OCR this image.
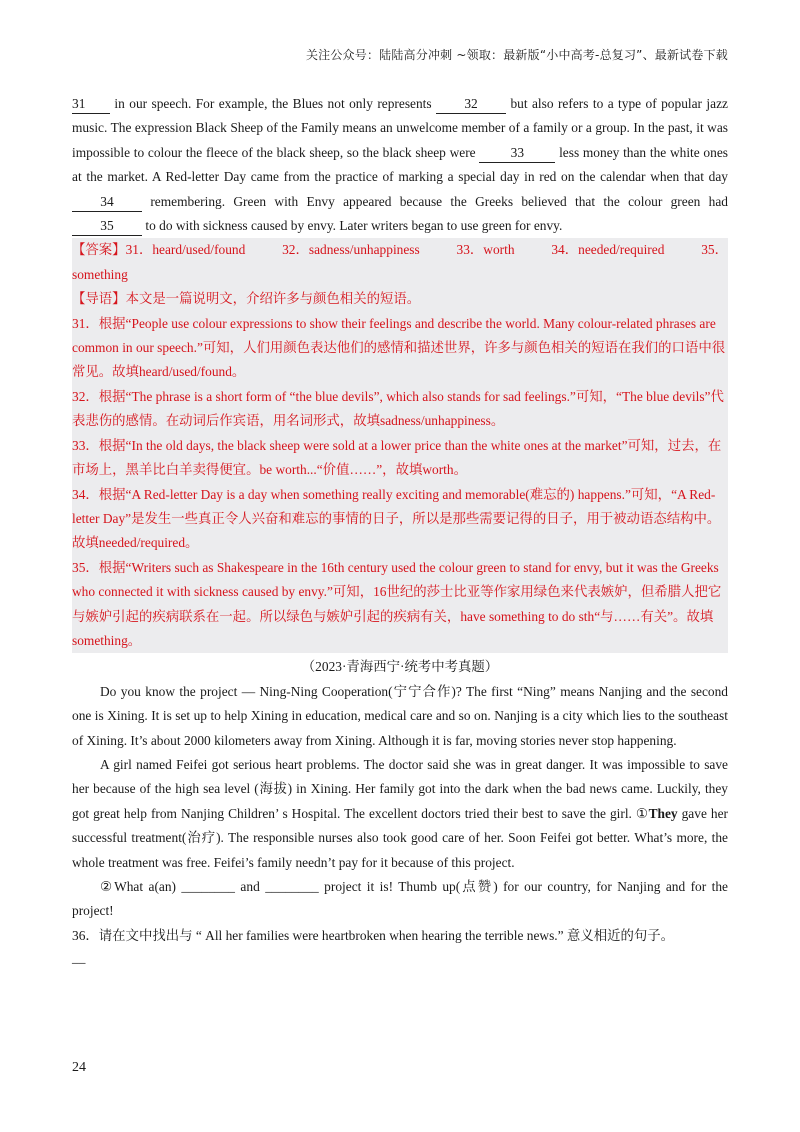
关注公众号：陆陆高分冲刺 ~领取：最新版“小中高考-总复习”、最新试卷下载

31 in our speech. For example, the Blues not only represents 32 but also refers to a type of popular jazz music. The expression Black Sheep of the Family means an unwelcome member of a family or a group. In the past, it was impossible to colour the fleece of the black sheep, so the black sheep were	33	less money than the white ones at the market. A Red-letter Day came from the practice of marking a special day in red on the calendar when that day 34	remembering. Green with Envy appeared because the Greeks believed that the colour green had 35 to do with sickness caused by envy. Later writers began to use green for envy.

【答案】31．heard/used/found	32．sadness/unhappiness	33．worth	34．needed/required	35．

something

【导语】本文是一篇说明文，介绍许多与颜色相关的短语。

31．根据“People use colour expressions to show their feelings and describe the world. Many colour-related phrases are common in our speech.”可知，人们用颜色表达他们的感情和描述世界，许多与颜色相关的短语在我们的口语中很常见。故填heard/used/found。

32．根据“The phrase is a short form of “the blue devils”, which also stands for sad feelings.”可知，“The blue devils”代表悲伤的感情。在动词后作宾语，用名词形式，故填sadness/unhappiness。

33．根据“In the old days, the black sheep were sold at a lower price than the white ones at the market”可知，过去，在市场上，黑羊比白羊卖得便宜。be worth...“价值……”，故填worth。

34．根据“A Red-letter Day is a day when something really exciting and memorable(难忘的) happens.”可知，“A Red-letter Day”是发生一些真正令人兴奋和难忘的事情的日子，所以是那些需要记得的日子，用于被动语态结构中。故填needed/required。

35．根据“Writers such as Shakespeare in the 16th century used the colour green to stand for envy, but it was the Greeks who connected it with sickness caused by envy.”可知，16世纪的莎士比亚等作家用绿色来代表嫉妒，但希腊人把它与嫉妒引起的疾病联系在一起。所以绿色与嫉妒引起的疾病有关，have something to do sth“与……有关”。故填something。

（2023·青海西宁·统考中考真题）

Do you know the project — Ning-Ning Cooperation(宁宁合作)? The first “Ning” means Nanjing and the second one is Xining. It is set up to help Xining in education, medical care and so on. Nanjing is a city which lies to the southeast of Xining. It’s about 2000 kilometers away from Xining. Although it is far, moving stories never stop happening.

A girl named Feifei got serious heart problems. The doctor said she was in great danger. It was impossible to save her because of the high sea level (海拔) in Xining. Her family got into the dark when the bad news came. Luckily, they got great help from Nanjing Children’ s Hospital. The excellent doctors tried their best to save the girl. ①They gave her successful treatment(治疗). The responsible nurses also took good care of her. Soon Feifei got better. What’s more, the whole treatment was free. Feifei’s family needn’t pay for it because of this project.

②What a(an) ________ and ________ project it is! Thumb up(点赞) for our country, for Nanjing and for the project!

36．请在文中找出与 “ All her families were heartbroken when hearing the terrible news.” 意义相近的句子。

__

24
